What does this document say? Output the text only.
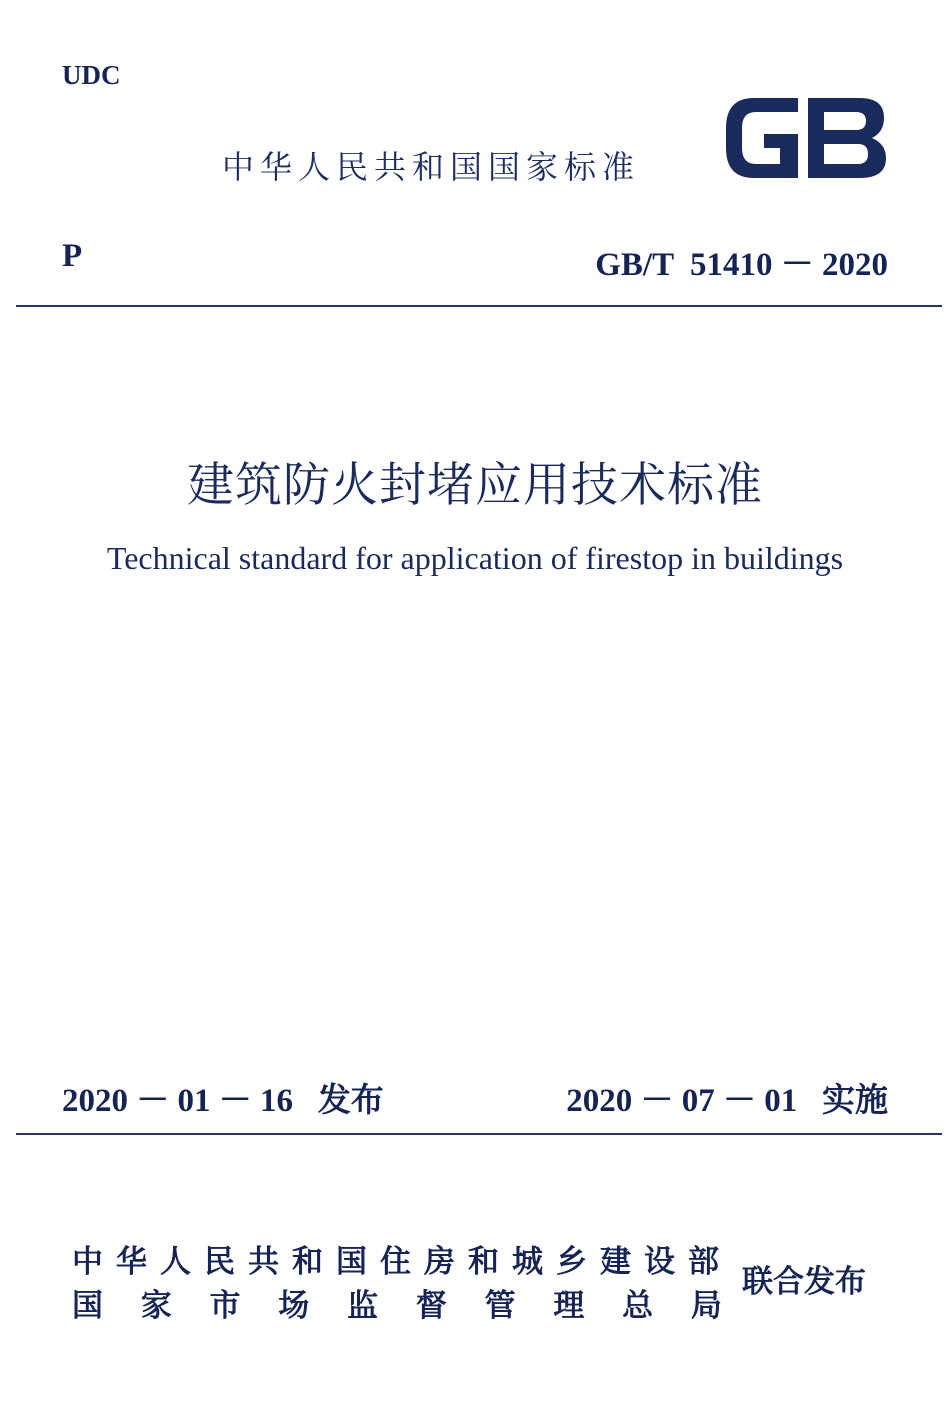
UDC
中华人民共和国国家标准
P	GB/T  51410 － 2020
建筑防火封堵应用技术标准
Technical standard for application of firestop in buildings
2020 － 01 － 16 发布	2020 － 07 － 01 实施
中华人民共和国住房和城乡建设部
国 家 市 场 监 督 管 理 总 局
联合发布
